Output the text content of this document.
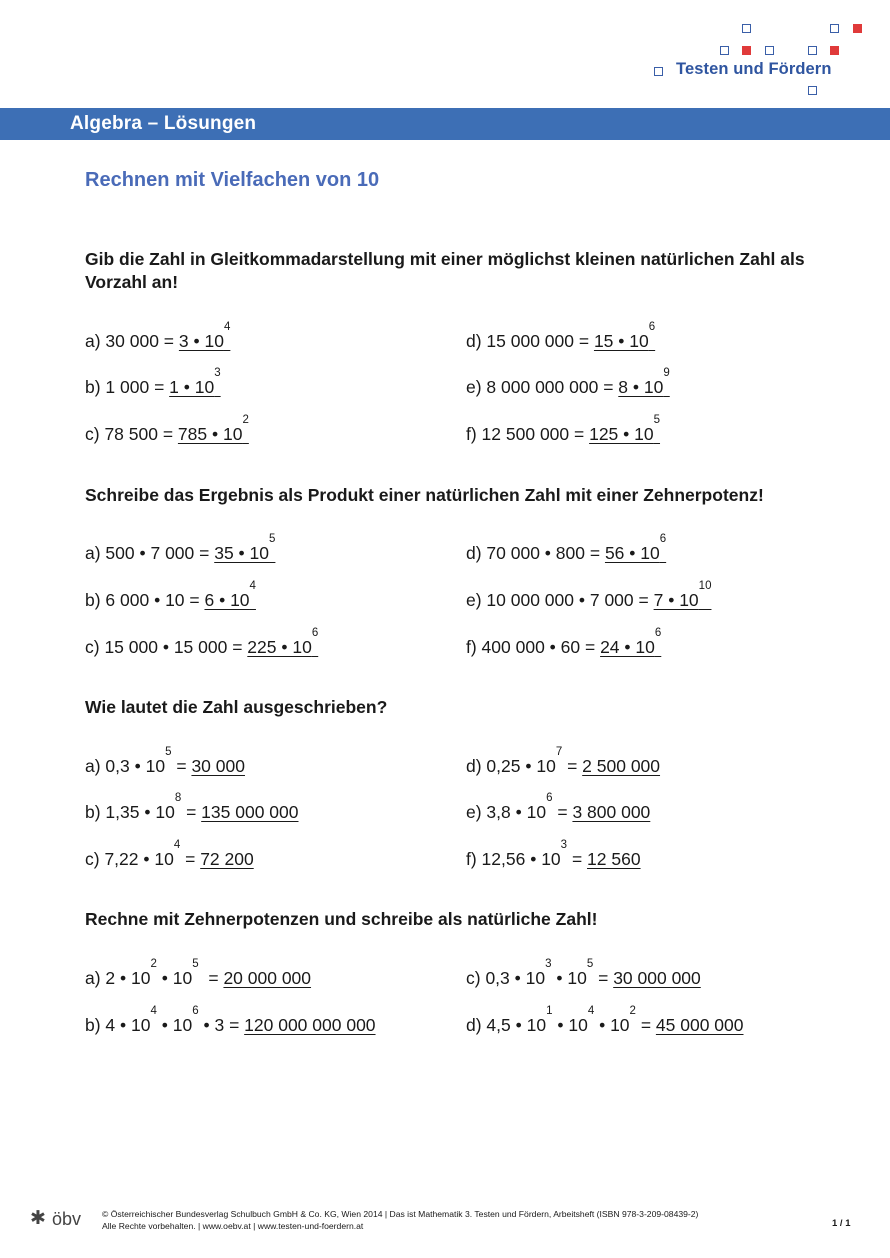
Testen und Fördern
Algebra – Lösungen
Rechnen mit Vielfachen von 10
Gib die Zahl in Gleitkommadarstellung mit einer möglichst kleinen natürlichen Zahl als Vorzahl an!
a) 30 000 = 3 • $10^4$
b) 1 000 = 1 • $10^3$
c) 78 500 = 785 • $10^2$
d) 15 000 000 = 15 • $10^6$
e) 8 000 000 000 = 8 • $10^9$
f) 12 500 000 = 125 • $10^5$
Schreibe das Ergebnis als Produkt einer natürlichen Zahl mit einer Zehnerpotenz!
a) 500 • 7 000 = 35 • $10^5$
b) 6 000 • 10 = 6 • $10^4$
c) 15 000 • 15 000 = 225 • $10^6$
d) 70 000 • 800 = 56 • $10^6$
e) 10 000 000 • 7 000 = 7 • $10^{10}$
f) 400 000 • 60 = 24 • $10^6$
Wie lautet die Zahl ausgeschrieben?
a) 0,3 • $10^5 = 30$ 000
b) 1,35 • $10^8 = 135$ 000 000
c) 7,22 • $10^4 = 72$ 200
d) 0,25 • $10^7 = 2$ 500 000
e) 3,8 • $10^6 = 3$ 800 000
f) 12,56 • $10^3 = 12$ 560
Rechne mit Zehnerpotenzen und schreibe als natürliche Zahl!
a) 2 • $10^2$ • $10^5 = 20$ 000 000
b) 4 • $10^4$ • $10^6$ • 3 = 120 000 000 000
c) 0,3 • $10^3$ • $10^5 = 30$ 000 000
d) 4,5 • $10^1$ • $10^4$ • $10^2 = 45$ 000 000
✱ öbv © Österreichischer Bundesverlag Schulbuch GmbH & Co. KG, Wien 2014 | Das ist Mathematik 3. Testen und Fördern, Arbeitsheft (ISBN 978-3-209-08439-2)
Alle Rechte vorbehalten. | www.oebv.at | www.testen-und-foerdern.at	1 / 1
